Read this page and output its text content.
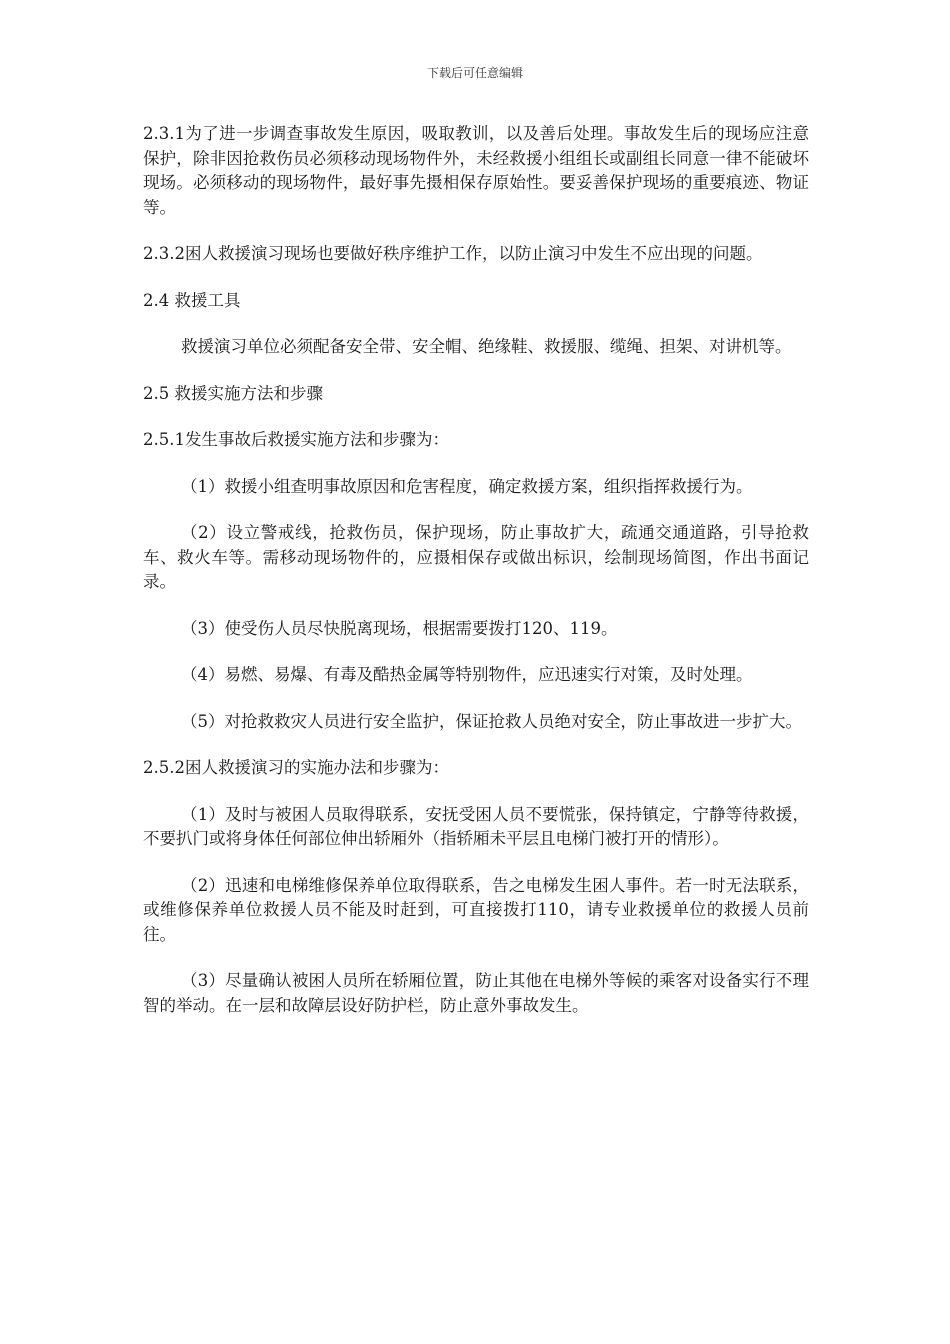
下载后可任意编辑

2.3.1为了进一步调查事故发生原因，吸取教训，以及善后处理。事故发生后的现场应注意保护，除非因抢救伤员必须移动现场物件外，未经救援小组组长或副组长同意一律不能破坏现场。必须移动的现场物件，最好事先摄相保存原始性。要妥善保护现场的重要痕迹、物证等。

2.3.2困人救援演习现场也要做好秩序维护工作，以防止演习中发生不应出现的问题。

2.4 救援工具

救援演习单位必须配备安全带、安全帽、绝缘鞋、救援服、缆绳、担架、对讲机等。

2.5 救援实施方法和步骤

2.5.1发生事故后救援实施方法和步骤为：

（1）救援小组查明事故原因和危害程度，确定救援方案，组织指挥救援行为。

（2）设立警戒线，抢救伤员，保护现场，防止事故扩大，疏通交通道路，引导抢救车、救火车等。需移动现场物件的，应摄相保存或做出标识，绘制现场简图，作出书面记录。

（3）使受伤人员尽快脱离现场，根据需要拨打120、119。

（4）易燃、易爆、有毒及酷热金属等特别物件，应迅速实行对策，及时处理。

（5）对抢救救灾人员进行安全监护，保证抢救人员绝对安全，防止事故进一步扩大。

2.5.2困人救援演习的实施办法和步骤为：

（1）及时与被困人员取得联系，安抚受困人员不要慌张，保持镇定，宁静等待救援，不要扒门或将身体任何部位伸出轿厢外（指轿厢未平层且电梯门被打开的情形）。

（2）迅速和电梯维修保养单位取得联系，告之电梯发生困人事件。若一时无法联系，或维修保养单位救援人员不能及时赶到，可直接拨打110，请专业救援单位的救援人员前往。

（3）尽量确认被困人员所在轿厢位置，防止其他在电梯外等候的乘客对设备实行不理智的举动。在一层和故障层设好防护栏，防止意外事故发生。
